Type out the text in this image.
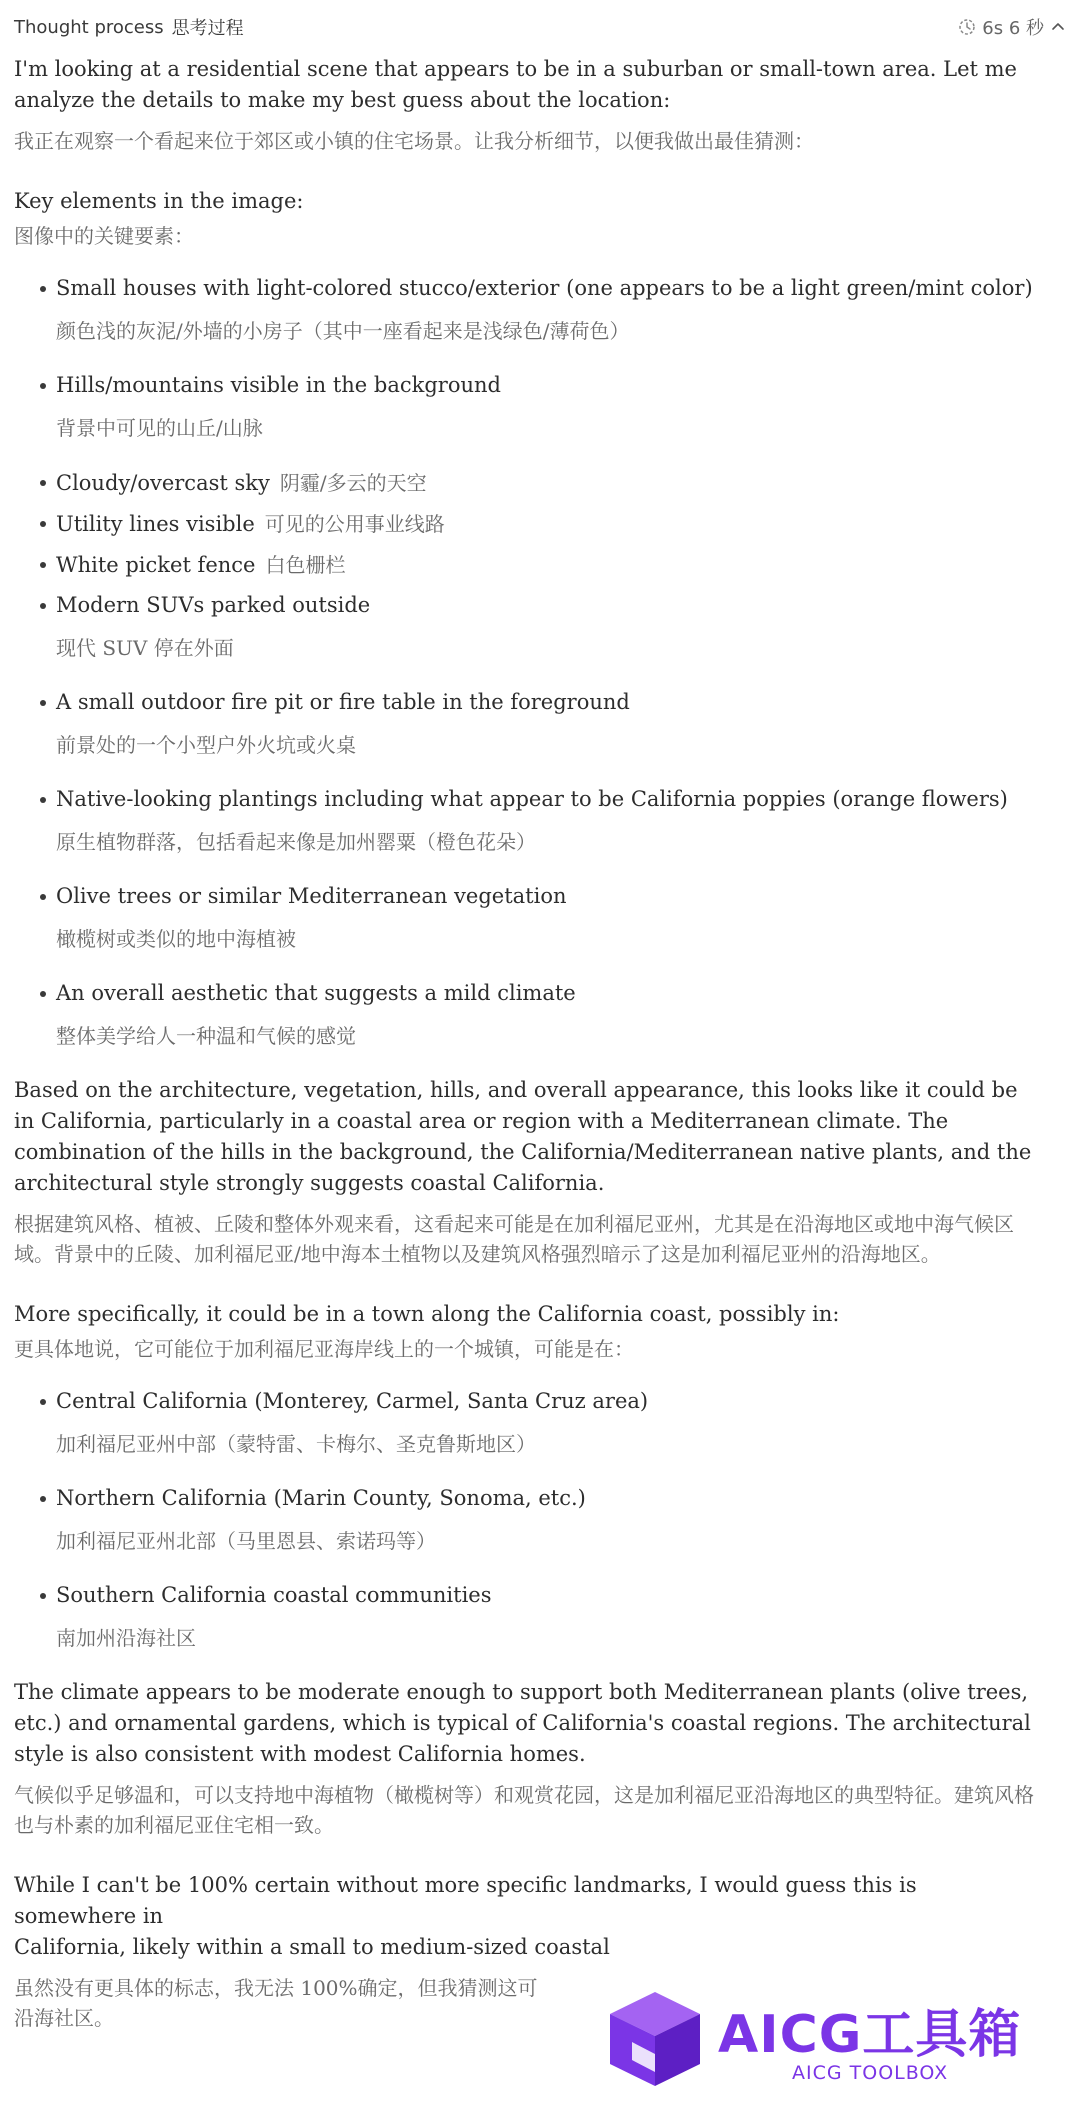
Thought process 思考过程	6s 6 秒

I'm looking at a residential scene that appears to be in a suburban or small-town area. Let me analyze the details to make my best guess about the location:

我正在观察一个看起来位于郊区或小镇的住宅场景。让我分析细节，以便我做出最佳猜测：

Key elements in the image:

图像中的关键要素：

Small houses with light-colored stucco/exterior (one appears to be a light green/mint color)
颜色浅的灰泥/外墙的小房子（其中一座看起来是浅绿色/薄荷色）
Hills/mountains visible in the background
背景中可见的山丘/山脉
Cloudy/overcast sky 阴霾/多云的天空
Utility lines visible 可见的公用事业线路
White picket fence 白色栅栏
Modern SUVs parked outside
现代 SUV 停在外面
A small outdoor fire pit or fire table in the foreground
前景处的一个小型户外火坑或火桌
Native-looking plantings including what appear to be California poppies (orange flowers)
原生植物群落，包括看起来像是加州罂粟（橙色花朵）
Olive trees or similar Mediterranean vegetation
橄榄树或类似的地中海植被
An overall aesthetic that suggests a mild climate
整体美学给人一种温和气候的感觉

Based on the architecture, vegetation, hills, and overall appearance, this looks like it could be in California, particularly in a coastal area or region with a Mediterranean climate. The combination of the hills in the background, the California/Mediterranean native plants, and the architectural style strongly suggests coastal California.

根据建筑风格、植被、丘陵和整体外观来看，这看起来可能是在加利福尼亚州，尤其是在沿海地区或地中海气候区域。背景中的丘陵、加利福尼亚/地中海本土植物以及建筑风格强烈暗示了这是加利福尼亚州的沿海地区。

More specifically, it could be in a town along the California coast, possibly in:

更具体地说，它可能位于加利福尼亚海岸线上的一个城镇，可能是在：

Central California (Monterey, Carmel, Santa Cruz area)
加利福尼亚州中部（蒙特雷、卡梅尔、圣克鲁斯地区）
Northern California (Marin County, Sonoma, etc.)
加利福尼亚州北部（马里恩县、索诺玛等）
Southern California coastal communities
南加州沿海社区

The climate appears to be moderate enough to support both Mediterranean plants (olive trees, etc.) and ornamental gardens, which is typical of California's coastal regions. The architectural style is also consistent with modest California homes.

气候似乎足够温和，可以支持地中海植物（橄榄树等）和观赏花园，这是加利福尼亚沿海地区的典型特征。建筑风格也与朴素的加利福尼亚住宅相一致。

While I can't be 100% certain without more specific landmarks, I would guess this is somewhere in

California, likely within a small to medium-sized coastal

虽然没有更具体的标志，我无法 100%确定，但我猜测这可

沿海社区。	AICG工具箱
AICG TOOLBOX
